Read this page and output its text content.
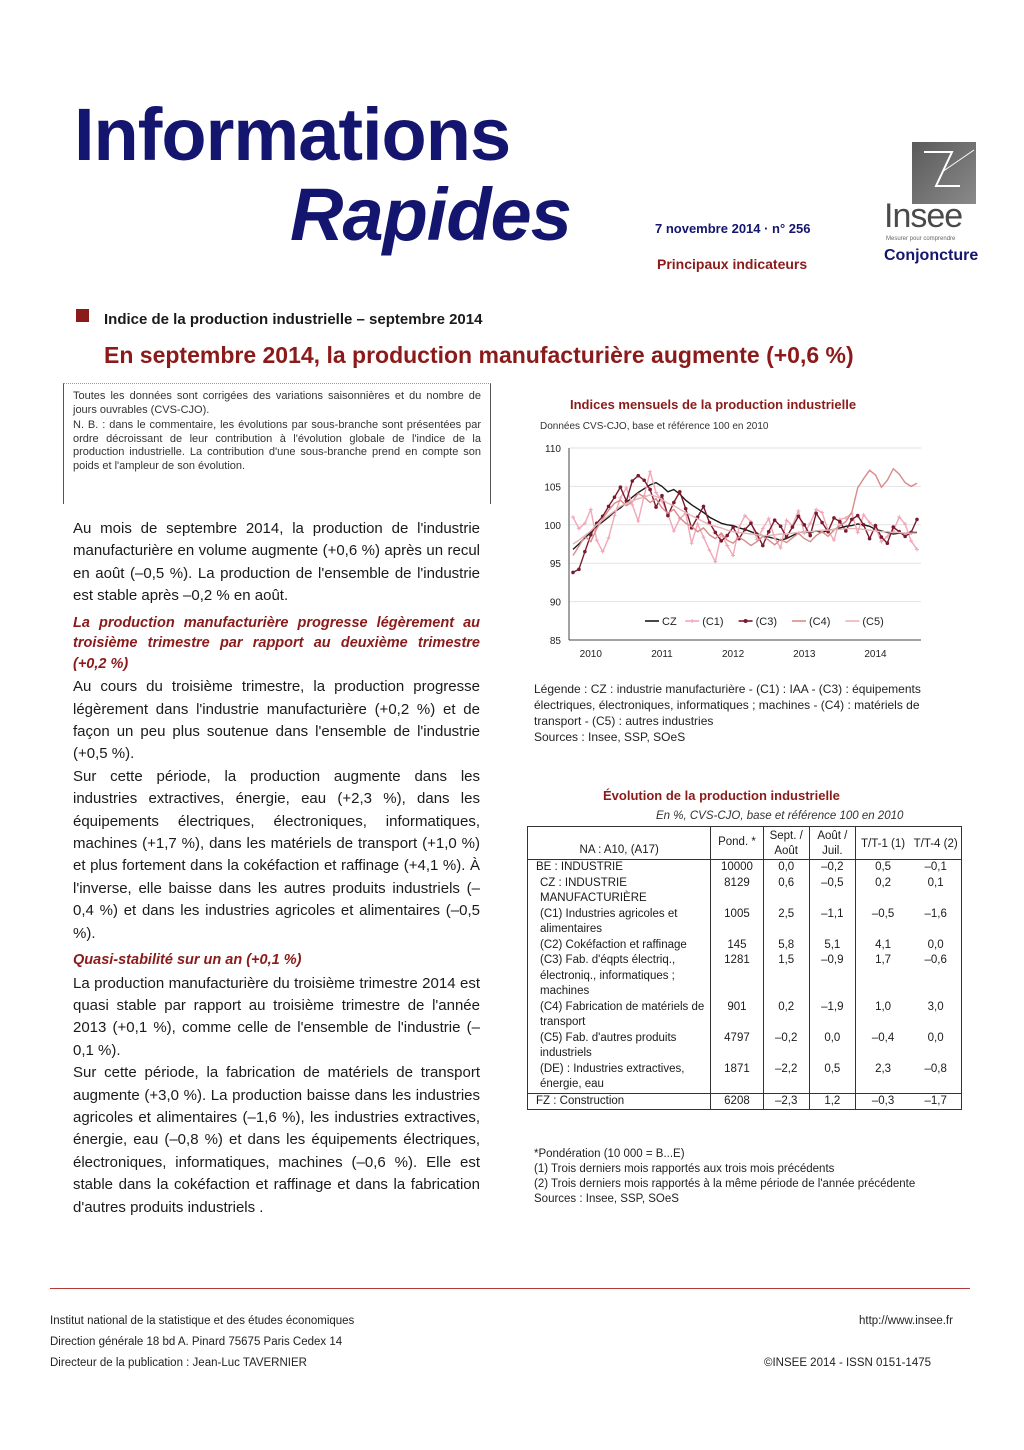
Informations
Rapides	7 novembre 2014 · n° 256
Principaux indicateurs
Insee
Mesurer pour comprendre
Conjoncture
Indice de la production industrielle – septembre 2014
En septembre 2014, la production manufacturière augmente (+0,6 %)

Toutes les données sont corrigées des variations saisonnières et du nombre de jours ouvrables (CVS-CJO).

N. B. : dans le commentaire, les évolutions par sous-branche sont présentées par ordre décroissant de leur contribution à l'évolution globale de l'indice de la production industrielle. La contribution d'une sous-branche prend en compte son poids et l'ampleur de son évolution.

Au mois de septembre 2014, la production de l'industrie manufacturière en volume augmente (+0,6 %) après un recul en août (–0,5 %). La production de l'ensemble de l'industrie est stable après –0,2 % en août.

La production manufacturière progresse légèrement au troisième trimestre par rapport au deuxième trimestre (+0,2 %)

Au cours du troisième trimestre, la production progresse légèrement dans l'industrie manufacturière (+0,2 %) et de façon un peu plus soutenue dans l'ensemble de l'industrie (+0,5 %).

Sur cette période, la production augmente dans les industries extractives, énergie, eau (+2,3 %), dans les équipements électriques, électroniques, informatiques, machines (+1,7 %), dans les matériels de transport (+1,0 %) et plus fortement dans la cokéfaction et raffinage (+4,1 %). À l'inverse, elle baisse dans les autres produits industriels (–0,4 %) et dans les industries agricoles et alimentaires (–0,5 %).

Quasi-stabilité sur un an (+0,1 %)

La production manufacturière du troisième trimestre 2014 est quasi stable par rapport au troisième trimestre de l'année 2013 (+0,1 %), comme celle de l'ensemble de l'industrie (–0,1 %).

Sur cette période, la fabrication de matériels de transport augmente (+3,0 %). La production baisse dans les industries agricoles et alimentaires (–1,6 %), les industries extractives, énergie, eau (–0,8 %) et dans les équipements électriques, électroniques, informatiques, machines (–0,6 %). Elle est stable dans la cokéfaction et raffinage et dans la fabrication d'autres produits industriels .

Indices mensuels de la production industrielle
Données CVS-CJO, base et référence 100 en 2010
110
105
100
95
90
85
2010	2011	2012	2013	2014
CZ (C1)	(C3)	(C4)	(C5)
Légende : CZ : industrie manufacturière - (C1) : IAA - (C3) : équipements électriques, électroniques, informatiques ; machines - (C4) : matériels de transport - (C5) : autres industries
Sources : Insee, SSP, SOeS
Évolution de la production industrielle
En %, CVS-CJO, base et référence 100 en 2010
NA : A10, (A17)	Pond. *	Sept. / Août	Août / Juil.	T/T-1 (1)	T/T-4 (2)
BE : INDUSTRIE	10000	0,0	–0,2	0,5	–0,1
CZ : INDUSTRIE MANUFACTURIÈRE	8129	0,6	–0,5	0,2	0,1
(C1) Industries agricoles et alimentaires	1005	2,5	–1,1	–0,5	–1,6
(C2) Cokéfaction et raffinage	145	5,8	5,1	4,1	0,0
(C3) Fab. d'éqpts électriq., électroniq., informatiques ; machines	1281	1,5	–0,9	1,7	–0,6
(C4) Fabrication de matériels de transport	901	0,2	–1,9	1,0	3,0
(C5) Fab. d'autres produits industriels	4797	–0,2	0,0	–0,4	0,0
(DE) : Industries extractives, énergie, eau	1871	–2,2	0,5	2,3	–0,8
FZ : Construction	6208	–2,3	1,2	–0,3	–1,7
*Pondération (10 000 = B...E)
(1) Trois derniers mois rapportés aux trois mois précédents
(2) Trois derniers mois rapportés à la même période de l'année précédente
Sources : Insee, SSP, SOeS
Institut national de la statistique et des études économiques
Direction générale 18 bd A. Pinard 75675 Paris Cedex 14
Directeur de la publication : Jean-Luc TAVERNIER
http://www.insee.fr
©INSEE 2014 - ISSN 0151-1475
